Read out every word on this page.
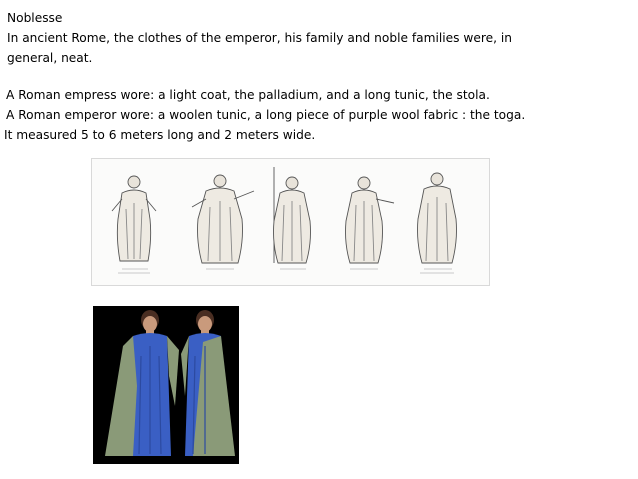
Noblesse
In ancient Rome, the clothes of the emperor, his family and noble families were, in
general, neat.
A Roman empress wore: a light coat, the palladium, and a long tunic, the stola.
A Roman emperor wore: a woolen tunic, a long piece of purple wool fabric : the toga.
It measured 5 to 6 meters long and 2 meters wide.
